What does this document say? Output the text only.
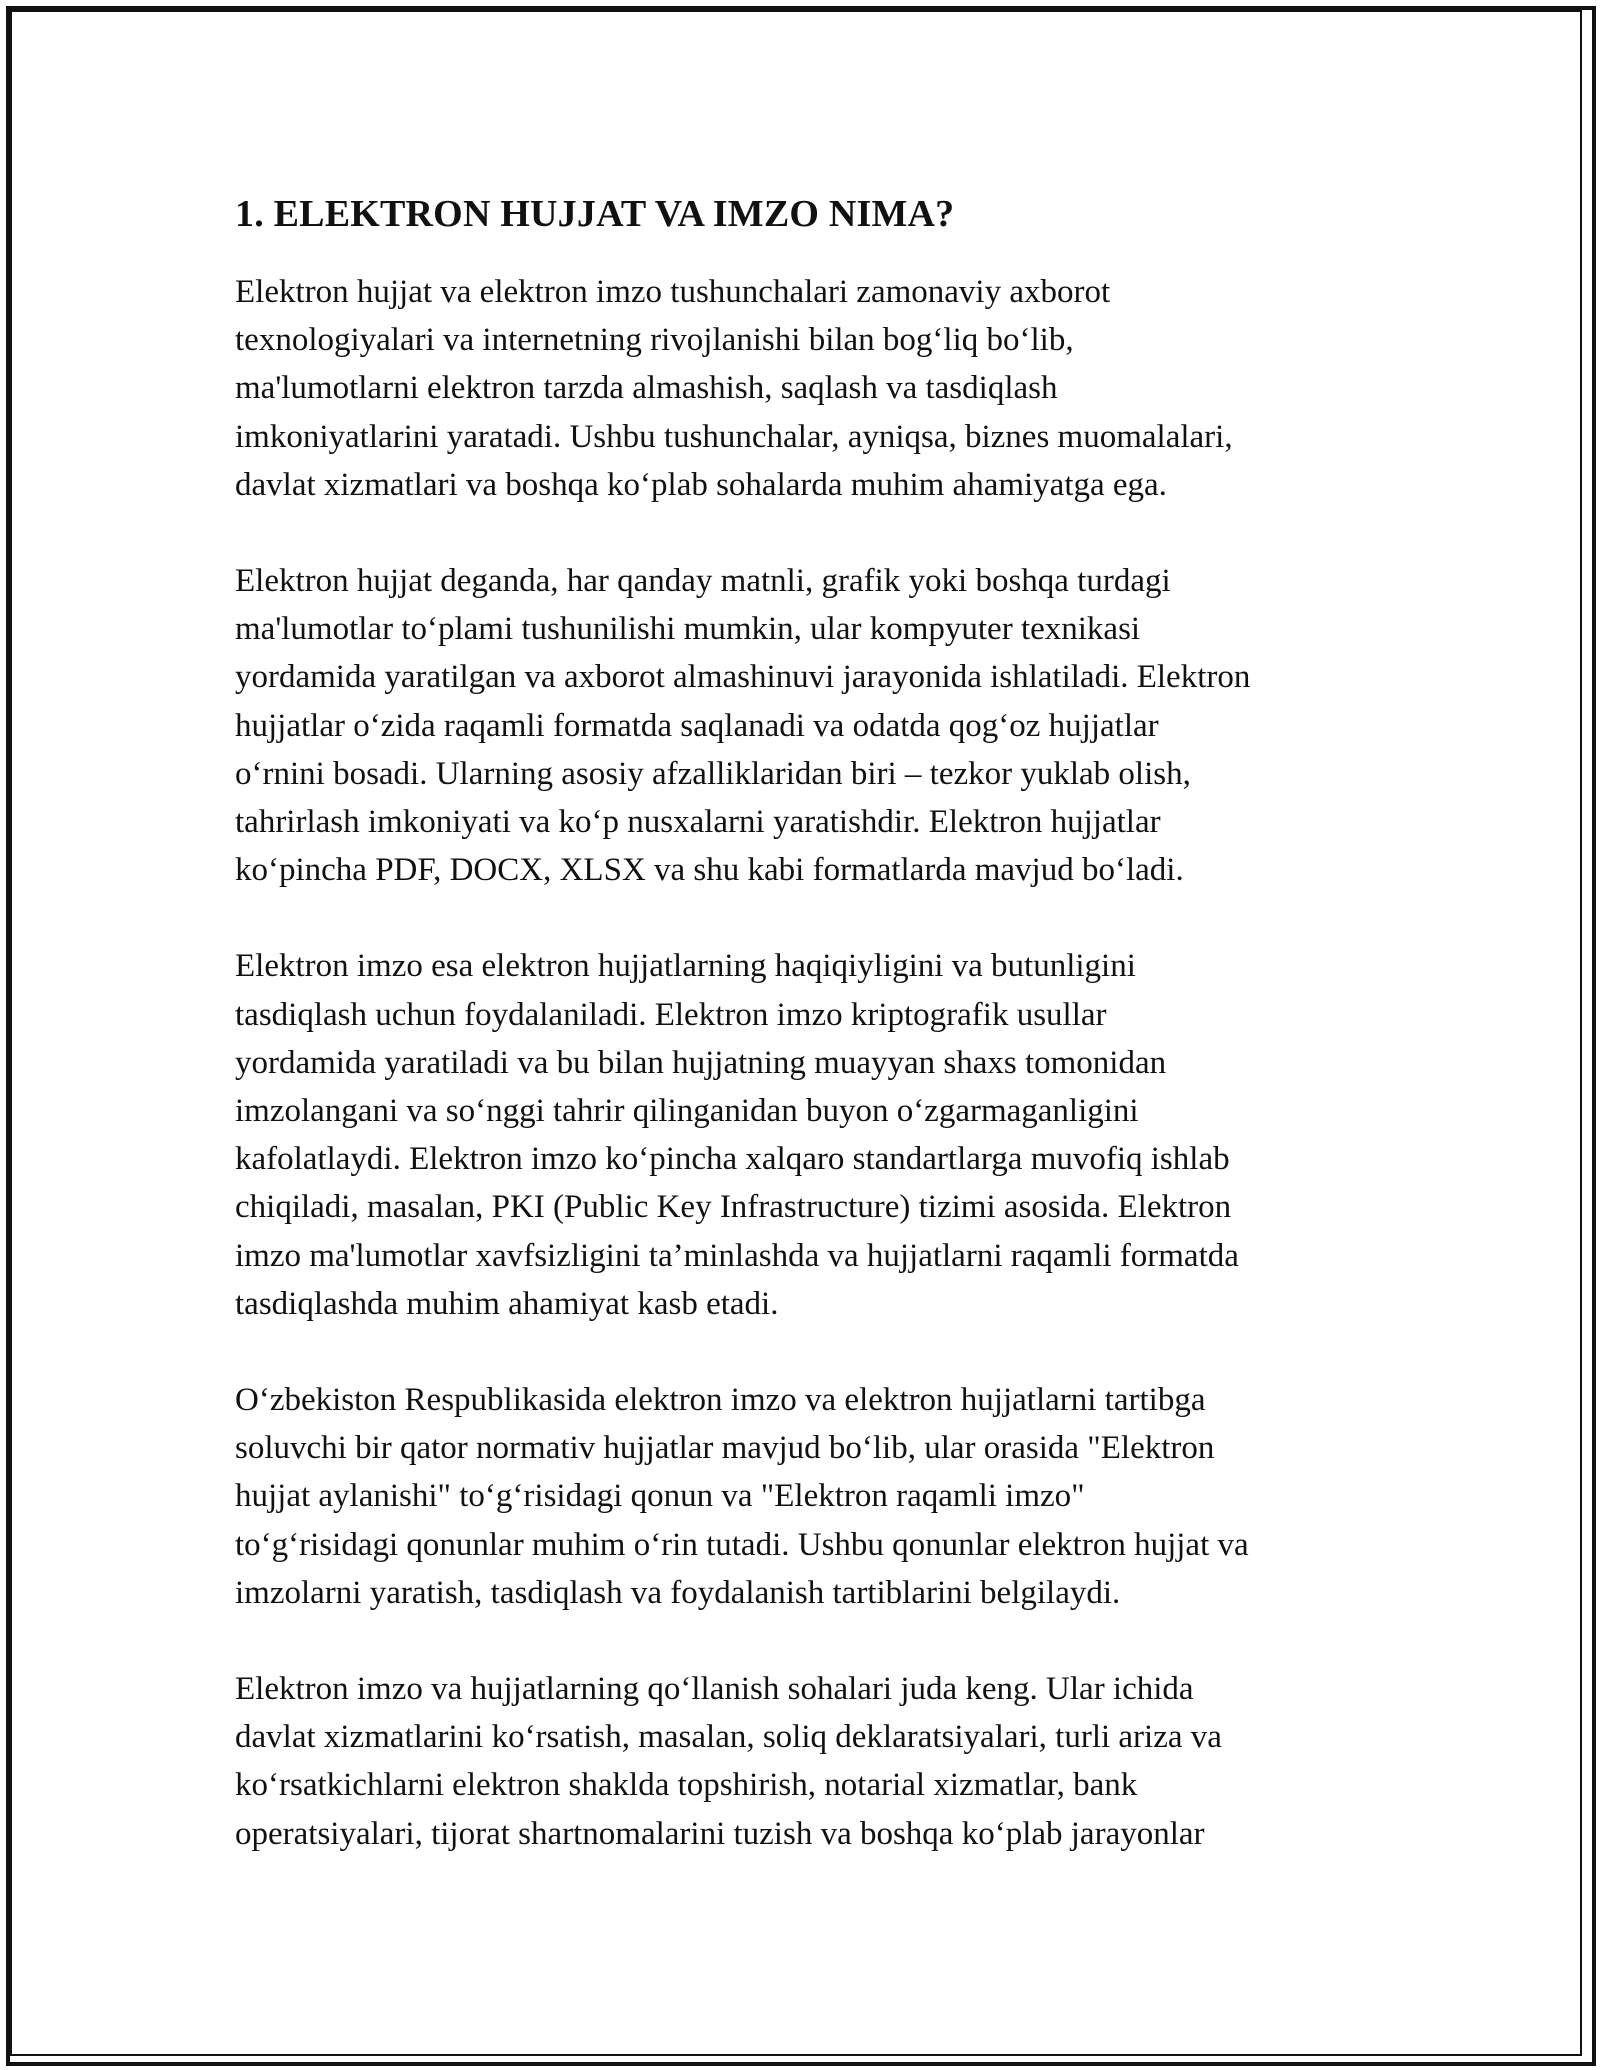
1. ELEKTRON HUJJAT VA IMZO NIMA?

Elektron hujjat va elektron imzo tushunchalari zamonaviy axborot
texnologiyalari va internetning rivojlanishi bilan bog‘liq bo‘lib,
ma'lumotlarni elektron tarzda almashish, saqlash va tasdiqlash
imkoniyatlarini yaratadi. Ushbu tushunchalar, ayniqsa, biznes muomalalari,
davlat xizmatlari va boshqa ko‘plab sohalarda muhim ahamiyatga ega.

Elektron hujjat deganda, har qanday matnli, grafik yoki boshqa turdagi
ma'lumotlar to‘plami tushunilishi mumkin, ular kompyuter texnikasi
yordamida yaratilgan va axborot almashinuvi jarayonida ishlatiladi. Elektron
hujjatlar o‘zida raqamli formatda saqlanadi va odatda qog‘oz hujjatlar
o‘rnini bosadi. Ularning asosiy afzalliklaridan biri – tezkor yuklab olish,
tahrirlash imkoniyati va ko‘p nusxalarni yaratishdir. Elektron hujjatlar
ko‘pincha PDF, DOCX, XLSX va shu kabi formatlarda mavjud bo‘ladi.

Elektron imzo esa elektron hujjatlarning haqiqiyligini va butunligini
tasdiqlash uchun foydalaniladi. Elektron imzo kriptografik usullar
yordamida yaratiladi va bu bilan hujjatning muayyan shaxs tomonidan
imzolangani va so‘nggi tahrir qilinganidan buyon o‘zgarmaganligini
kafolatlaydi. Elektron imzo ko‘pincha xalqaro standartlarga muvofiq ishlab
chiqiladi, masalan, PKI (Public Key Infrastructure) tizimi asosida. Elektron
imzo ma'lumotlar xavfsizligini ta’minlashda va hujjatlarni raqamli formatda
tasdiqlashda muhim ahamiyat kasb etadi.

O‘zbekiston Respublikasida elektron imzo va elektron hujjatlarni tartibga
soluvchi bir qator normativ hujjatlar mavjud bo‘lib, ular orasida "Elektron
hujjat aylanishi" to‘g‘risidagi qonun va "Elektron raqamli imzo"
to‘g‘risidagi qonunlar muhim o‘rin tutadi. Ushbu qonunlar elektron hujjat va
imzolarni yaratish, tasdiqlash va foydalanish tartiblarini belgilaydi.

Elektron imzo va hujjatlarning qo‘llanish sohalari juda keng. Ular ichida
davlat xizmatlarini ko‘rsatish, masalan, soliq deklaratsiyalari, turli ariza va
ko‘rsatkichlarni elektron shaklda topshirish, notarial xizmatlar, bank
operatsiyalari, tijorat shartnomalarini tuzish va boshqa ko‘plab jarayonlar
